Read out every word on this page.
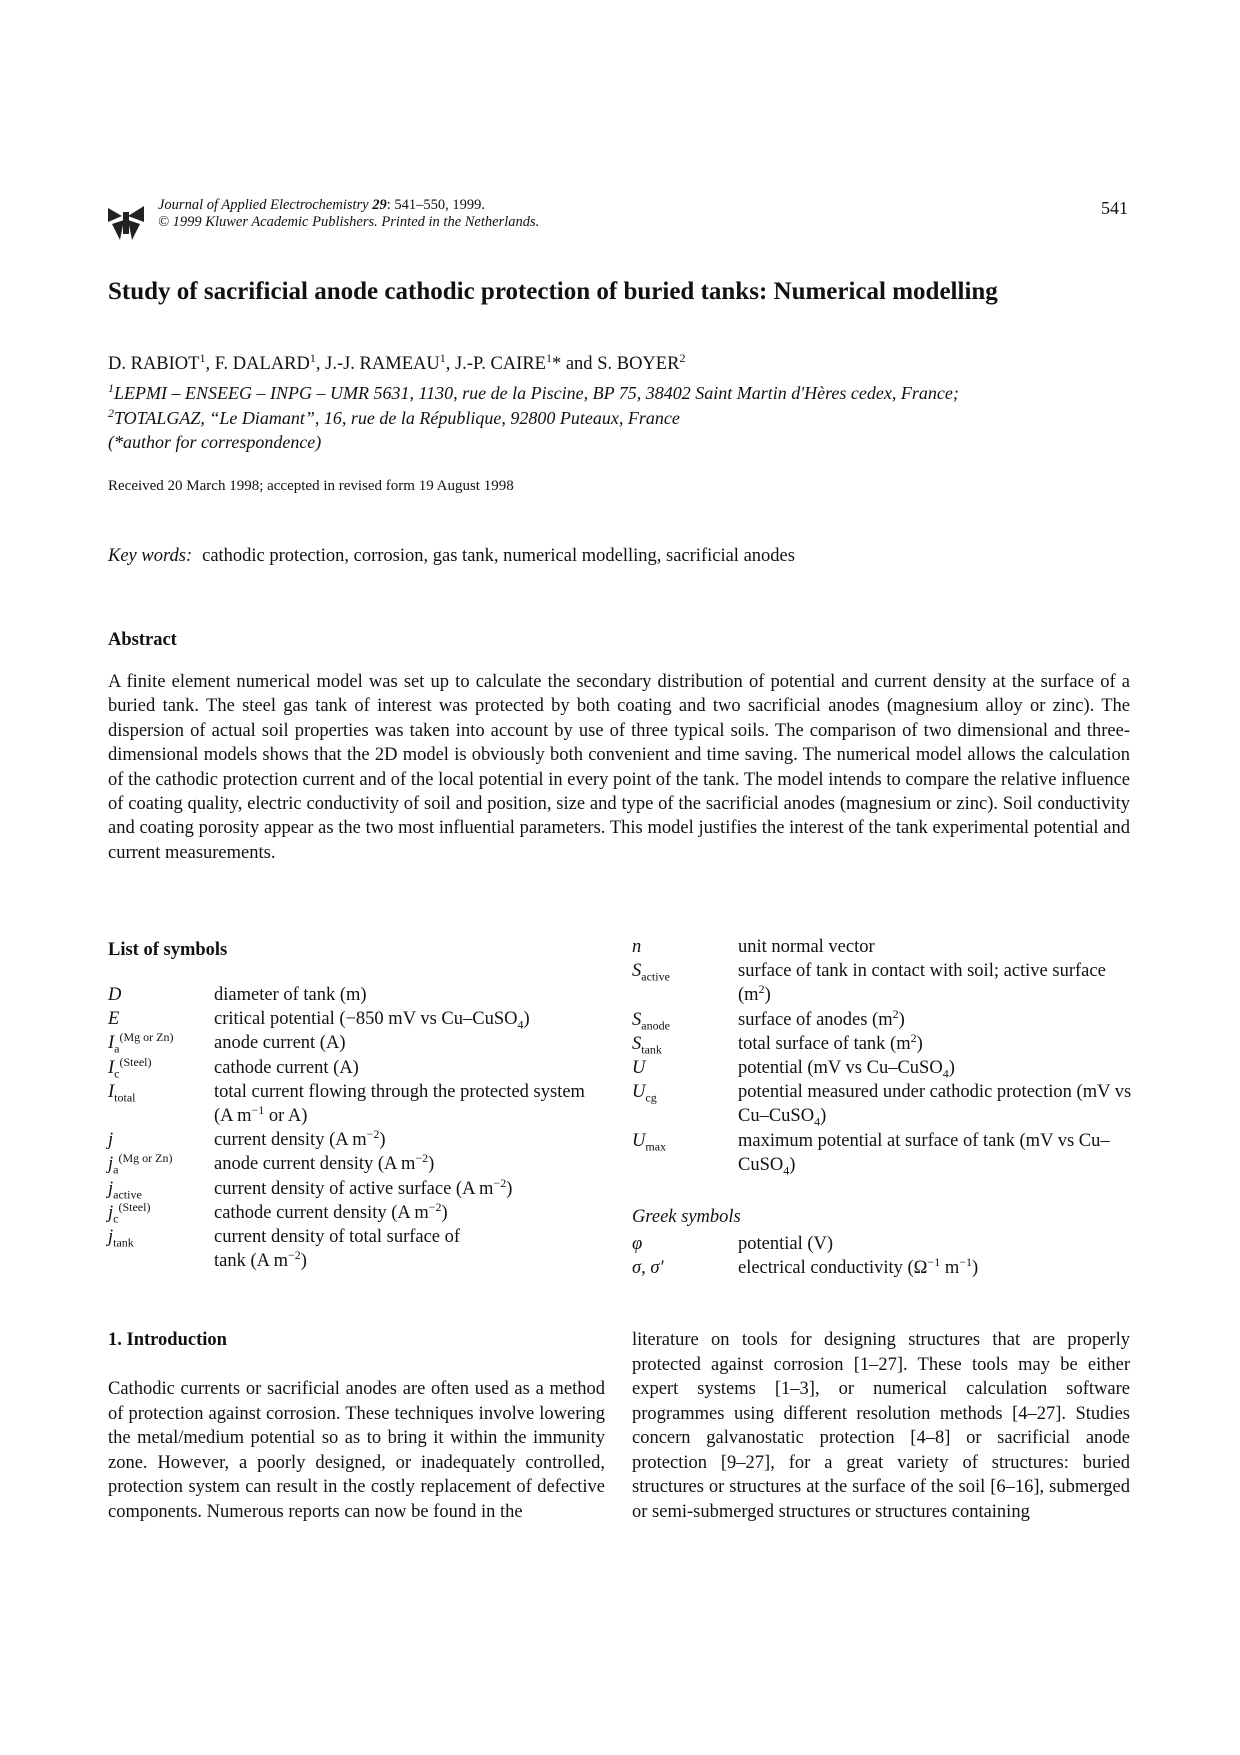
Journal of Applied Electrochemistry 29: 541–550, 1999.
© 1999 Kluwer Academic Publishers. Printed in the Netherlands.
541
Study of sacrificial anode cathodic protection of buried tanks: Numerical modelling
D. RABIOT$^1$, F. DALARD$^1$, J.-J. RAMEAU$^1$, J.-P. CAIRE$^1$* and S. BOYER$^2$
$^1$LEPMI – ENSEEG – INPG – UMR 5631, 1130, rue de la Piscine, BP 75, 38402 Saint Martin d'Hères cedex, France;
$^2$TOTALGAZ, “Le Diamant”, 16, rue de la République, 92800 Puteaux, France
(*author for correspondence)
Received 20 March 1998; accepted in revised form 19 August 1998
Key words: cathodic protection, corrosion, gas tank, numerical modelling, sacrificial anodes
Abstract
A finite element numerical model was set up to calculate the secondary distribution of potential and current density at the surface of a buried tank. The steel gas tank of interest was protected by both coating and two sacrificial anodes (magnesium alloy or zinc). The dispersion of actual soil properties was taken into account by use of three typical soils. The comparison of two dimensional and three-dimensional models shows that the 2D model is obviously both convenient and time saving. The numerical model allows the calculation of the cathodic protection current and of the local potential in every point of the tank. The model intends to compare the relative influence of coating quality, electric conductivity of soil and position, size and type of the sacrificial anodes (magnesium or zinc). Soil conductivity and coating porosity appear as the two most influential parameters. This model justifies the interest of the tank experimental potential and current measurements.
List of symbols
D	diameter of tank (m)
E	critical potential (−850 mV vs Cu–CuSO$_4$)
$I_a^{(Mg or Zn)}$	anode current (A)
$I_c^{(Steel)}$	cathode current (A)
$I_{total}$	total current flowing through the protected system (A $m^{-1}$ or A)
j	current density (A $m^{-2}$)
$j_a^{(Mg or Zn)}$	anode current density (A $m^{-2}$)
$j_{active}$	current density of active surface (A $m^{-2}$)
$j_c^{(Steel)}$	cathode current density (A $m^{-2}$)
$j_{tank}$	current density of total surface of
tank (A $m^{-2}$)
n	unit normal vector
$S_{active}$	surface of tank in contact with soil; active surface $(m^2)$
$S_{anode}$	surface of anodes $(m^2)$
$S_{tank}$	total surface of tank $(m^2)$
U	potential (mV vs Cu–CuSO$_4$)
$U_{cg}$	potential measured under cathodic protection (mV vs Cu–CuSO$_4$)
$U_{max}$	maximum potential at surface of tank (mV vs Cu–CuSO$_4$)
Greek symbols
φ	potential (V)
σ, σ′	electrical conductivity ($\Omega^{-1}$ $m^{-1}$)
1. Introduction

Cathodic currents or sacrificial anodes are often used as a method of protection against corrosion. These techniques involve lowering the metal/medium potential so as to bring it within the immunity zone. However, a poorly designed, or inadequately controlled, protection system can result in the costly replacement of defective components. Numerous reports can now be found in the

literature on tools for designing structures that are properly protected against corrosion [1–27]. These tools may be either expert systems [1–3], or numerical calculation software programmes using different resolution methods [4–27]. Studies concern galvanostatic protection [4–8] or sacrificial anode protection [9–27], for a great variety of structures: buried structures or structures at the surface of the soil [6–16], submerged or semi-submerged structures or structures containing
